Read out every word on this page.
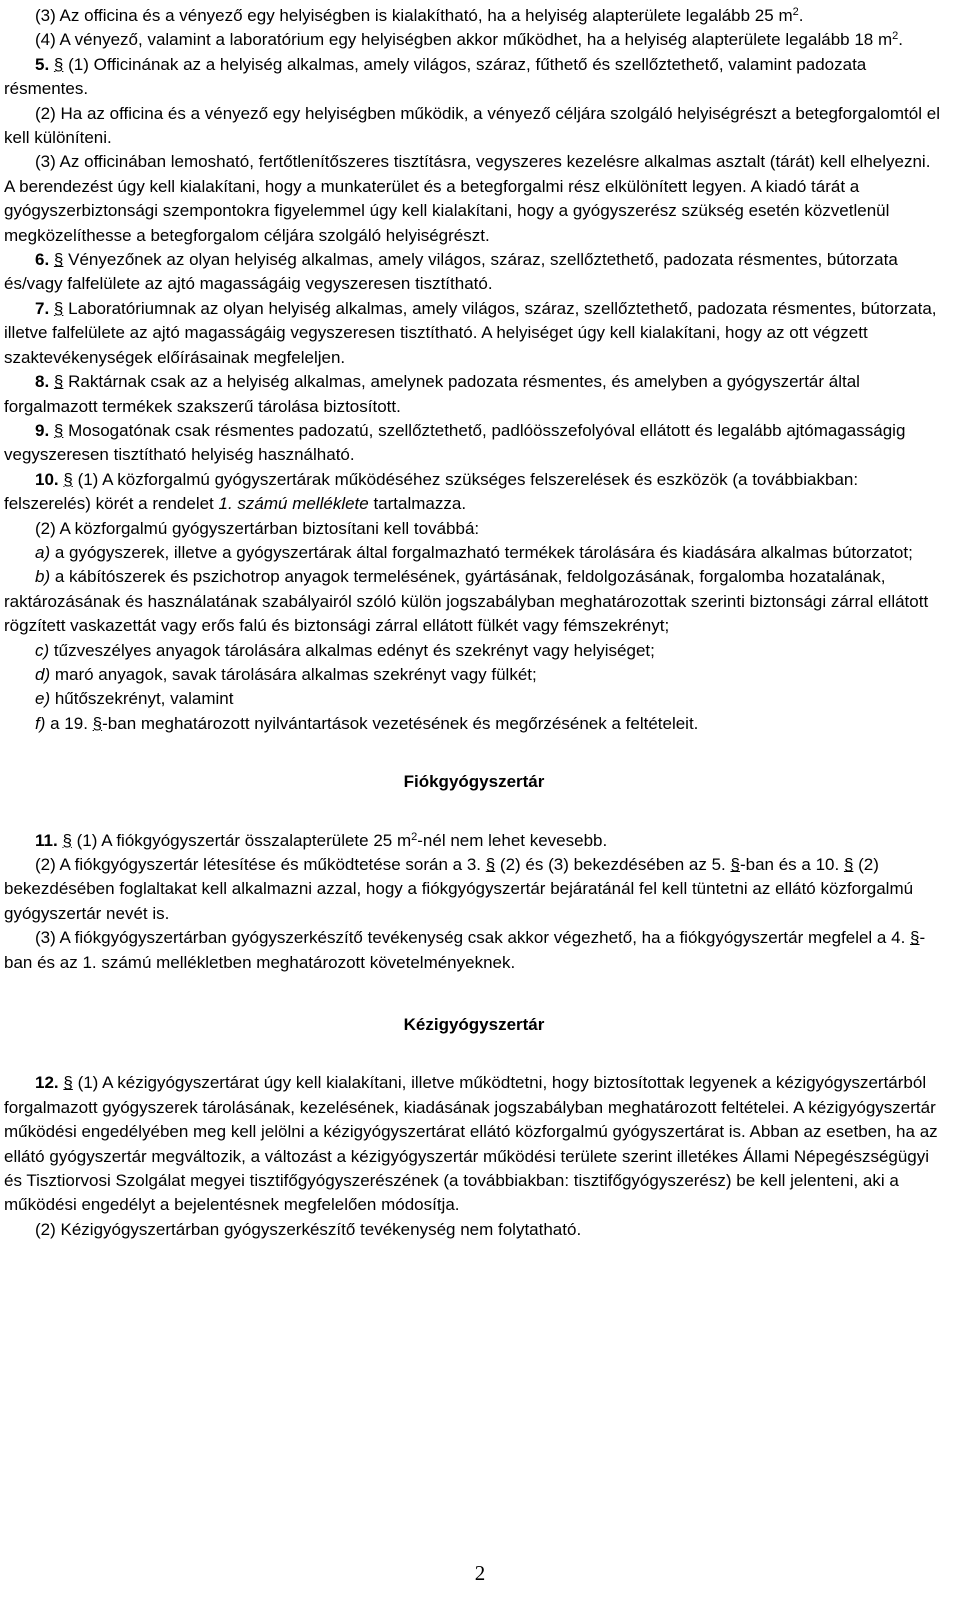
(3) Az officina és a vényező egy helyiségben is kialakítható, ha a helyiség alapterülete legalább 25 $m^2$.

(4) A vényező, valamint a laboratórium egy helyiségben akkor működhet, ha a helyiség alapterülete legalább 18 $m^2$.

5. § (1) Officinának az a helyiség alkalmas, amely világos, száraz, fűthető és szellőztethető, valamint padozata résmentes.

(2) Ha az officina és a vényező egy helyiségben működik, a vényező céljára szolgáló helyiségrészt a betegforgalomtól el kell különíteni.

(3) Az officinában lemosható, fertőtlenítőszeres tisztításra, vegyszeres kezelésre alkalmas asztalt (tárát) kell elhelyezni. A berendezést úgy kell kialakítani, hogy a munkaterület és a betegforgalmi rész elkülönített legyen. A kiadó tárát a gyógyszerbiztonsági szempontokra figyelemmel úgy kell kialakítani, hogy a gyógyszerész szükség esetén közvetlenül megközelíthesse a betegforgalom céljára szolgáló helyiségrészt.

6. § Vényezőnek az olyan helyiség alkalmas, amely világos, száraz, szellőztethető, padozata résmentes, bútorzata és/vagy falfelülete az ajtó magasságáig vegyszeresen tisztítható.

7. § Laboratóriumnak az olyan helyiség alkalmas, amely világos, száraz, szellőztethető, padozata résmentes, bútorzata, illetve falfelülete az ajtó magasságáig vegyszeresen tisztítható. A helyiséget úgy kell kialakítani, hogy az ott végzett szaktevékenységek előírásainak megfeleljen.

8. § Raktárnak csak az a helyiség alkalmas, amelynek padozata résmentes, és amelyben a gyógyszertár által forgalmazott termékek szakszerű tárolása biztosított.

9. § Mosogatónak csak résmentes padozatú, szellőztethető, padlóösszefolyóval ellátott és legalább ajtómagasságig vegyszeresen tisztítható helyiség használható.

10. § (1) A közforgalmú gyógyszertárak működéséhez szükséges felszerelések és eszközök (a továbbiakban: felszerelés) körét a rendelet 1. számú melléklete tartalmazza.

(2) A közforgalmú gyógyszertárban biztosítani kell továbbá:

a) a gyógyszerek, illetve a gyógyszertárak által forgalmazható termékek tárolására és kiadására alkalmas bútorzatot;

b) a kábítószerek és pszichotrop anyagok termelésének, gyártásának, feldolgozásának, forgalomba hozatalának, raktározásának és használatának szabályairól szóló külön jogszabályban meghatározottak szerinti biztonsági zárral ellátott rögzített vaskazettát vagy erős falú és biztonsági zárral ellátott fülkét vagy fémszekrényt;

c) tűzveszélyes anyagok tárolására alkalmas edényt és szekrényt vagy helyiséget;

d) maró anyagok, savak tárolására alkalmas szekrényt vagy fülkét;

e) hűtőszekrényt, valamint

f) a 19. §-ban meghatározott nyilvántartások vezetésének és megőrzésének a feltételeit.

Fiókgyógyszertár

11. § (1) A fiókgyógyszertár összalapterülete 25 $m^2$-nél nem lehet kevesebb.

(2) A fiókgyógyszertár létesítése és működtetése során a 3. § (2) és (3) bekezdésében az 5. §-ban és a 10. § (2) bekezdésében foglaltakat kell alkalmazni azzal, hogy a fiókgyógyszertár bejáratánál fel kell tüntetni az ellátó közforgalmú gyógyszertár nevét is.

(3) A fiókgyógyszertárban gyógyszerkészítő tevékenység csak akkor végezhető, ha a fiókgyógyszertár megfelel a 4. §-ban és az 1. számú mellékletben meghatározott követelményeknek.

Kézigyógyszertár

12. § (1) A kézigyógyszertárat úgy kell kialakítani, illetve működtetni, hogy biztosítottak legyenek a kézigyógyszertárból forgalmazott gyógyszerek tárolásának, kezelésének, kiadásának jogszabályban meghatározott feltételei. A kézigyógyszertár működési engedélyében meg kell jelölni a kézigyógyszertárat ellátó közforgalmú gyógyszertárat is. Abban az esetben, ha az ellátó gyógyszertár megváltozik, a változást a kézigyógyszertár működési területe szerint illetékes Állami Népegészségügyi és Tisztiorvosi Szolgálat megyei tisztifőgyógyszerészének (a továbbiakban: tisztifőgyógyszerész) be kell jelenteni, aki a működési engedélyt a bejelentésnek megfelelően módosítja.

(2) Kézigyógyszertárban gyógyszerkészítő tevékenység nem folytatható.

2
